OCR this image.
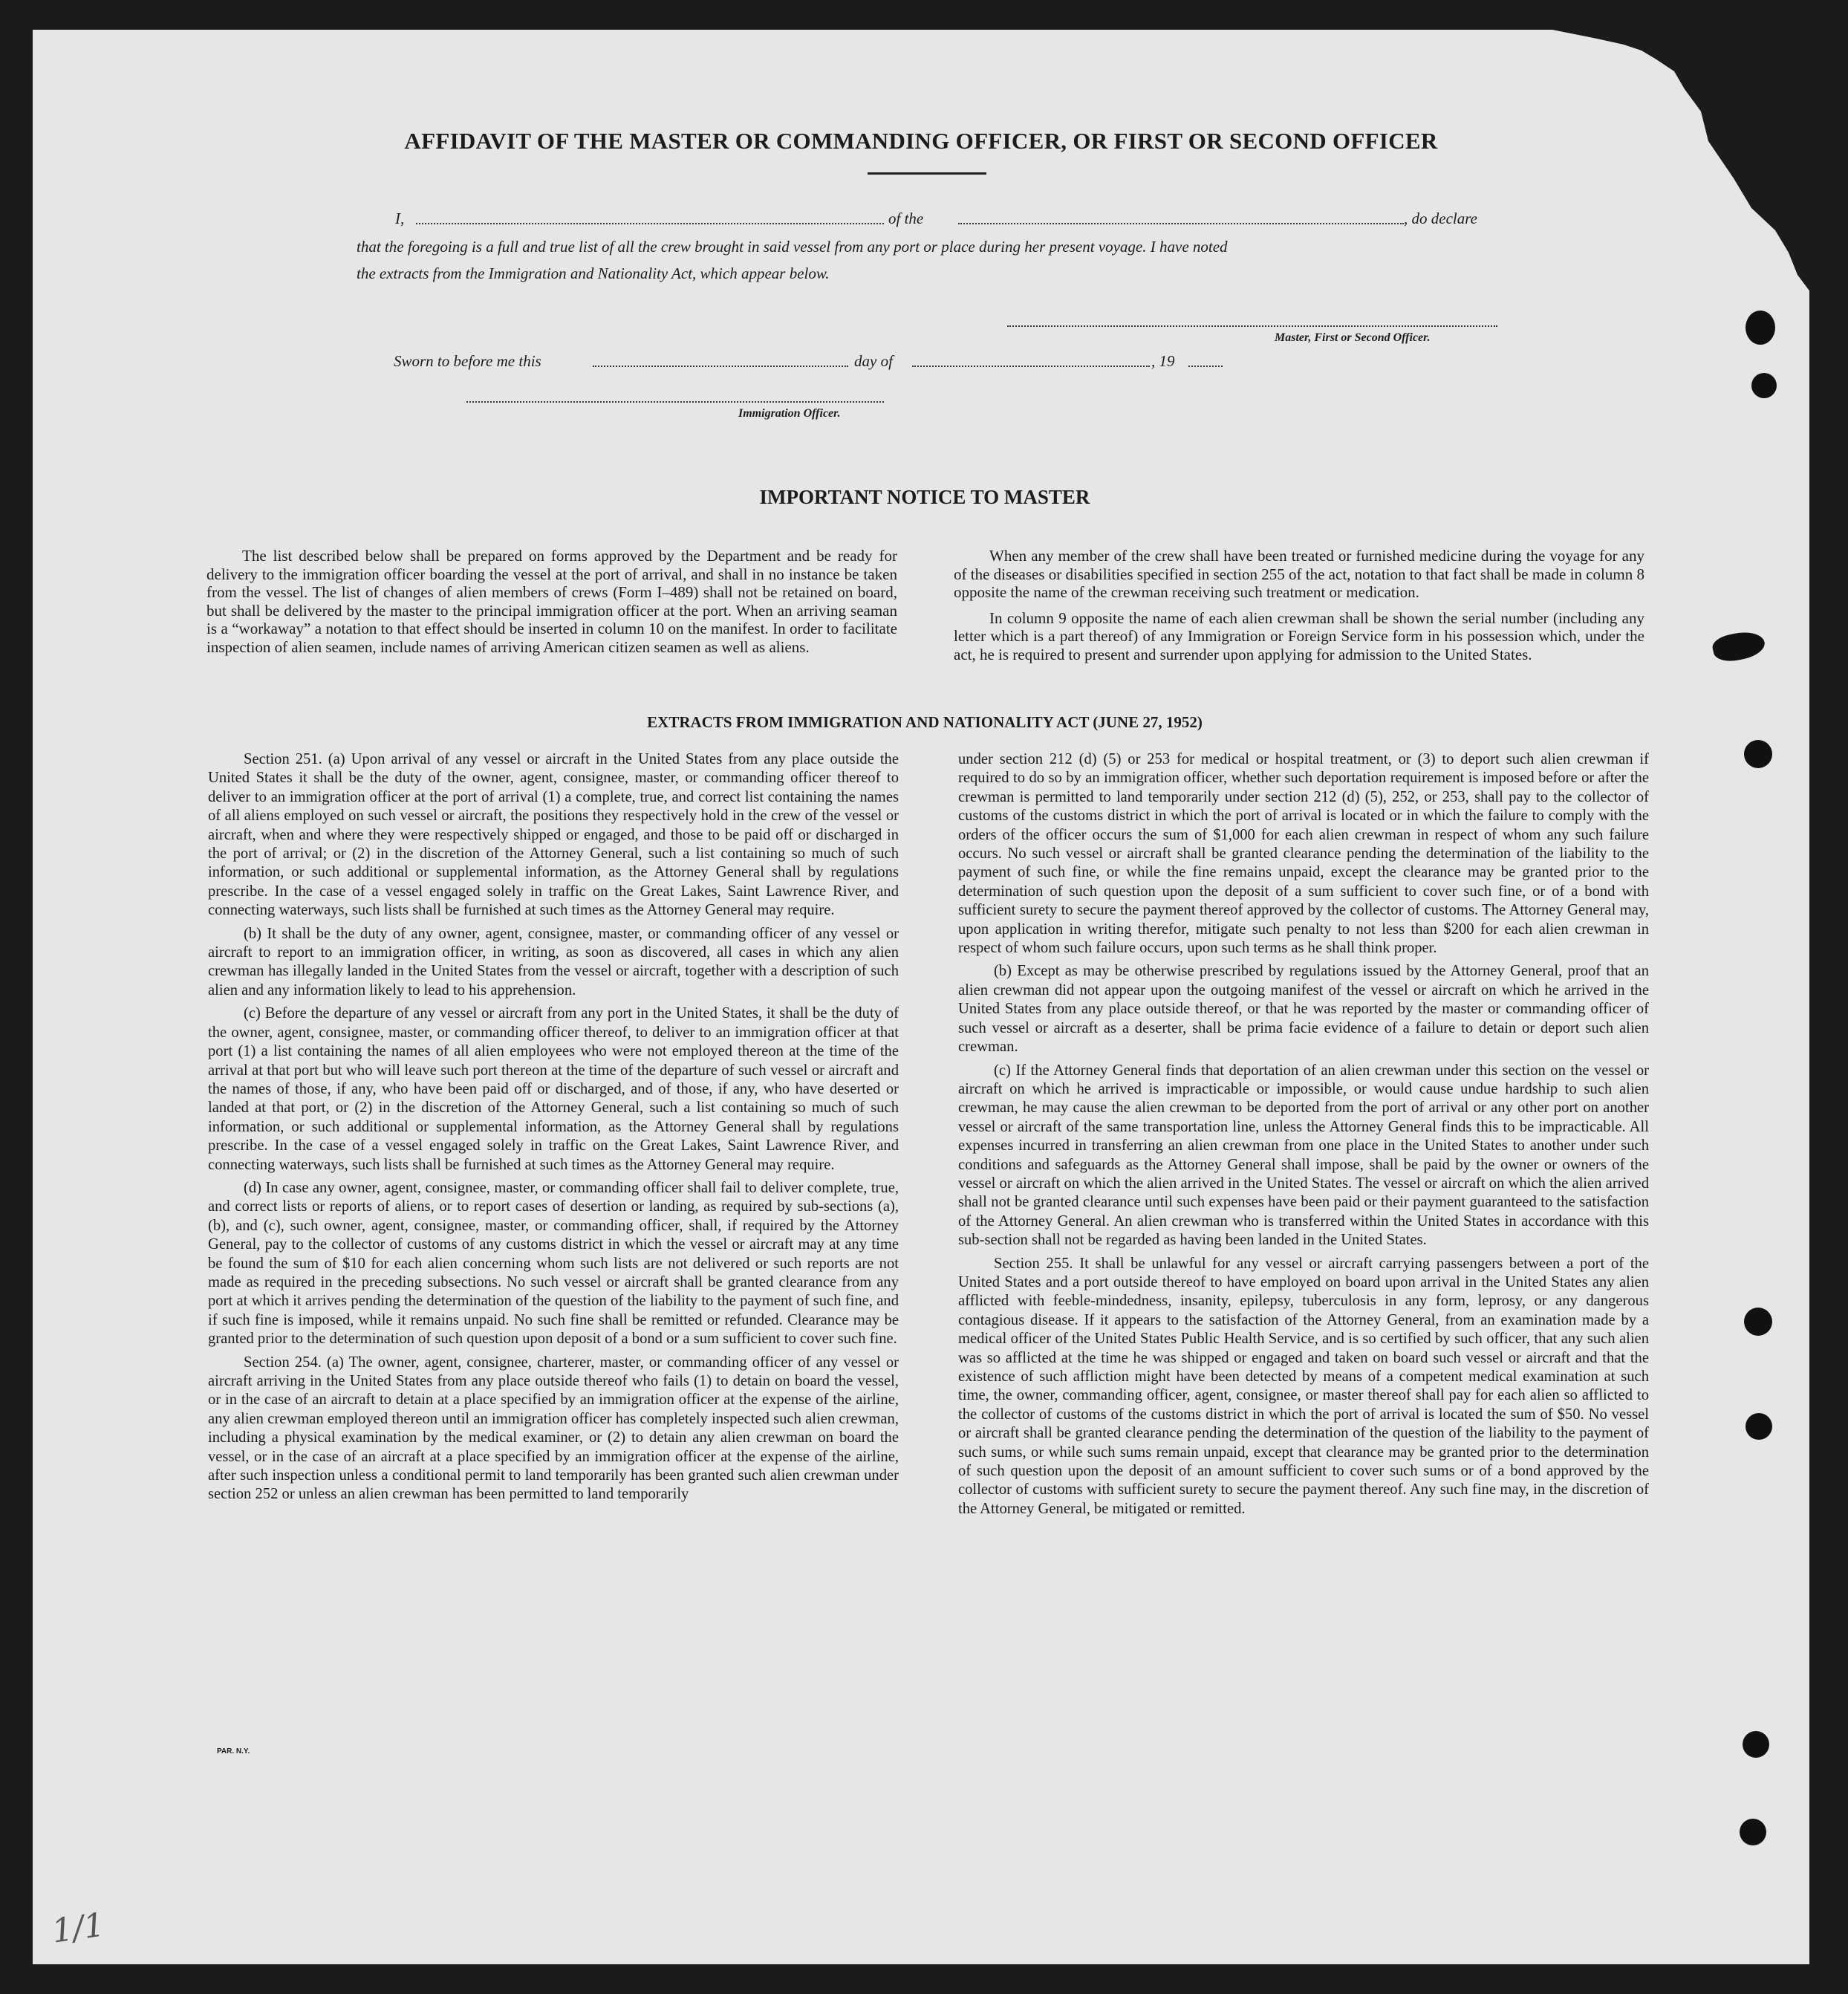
AFFIDAVIT OF THE MASTER OR COMMANDING OFFICER, OR FIRST OR SECOND OFFICER
I,	of the	, do declare
that the foregoing is a full and true list of all the crew brought in said vessel from any port or place during her present voyage. I have noted
the extracts from the Immigration and Nationality Act, which appear below.
Master, First or Second Officer.
Sworn to before me this	day of	, 19
Immigration Officer.
IMPORTANT NOTICE TO MASTER

The list described below shall be prepared on forms approved by the Department and be ready for delivery to the immigration officer boarding the vessel at the port of arrival, and shall in no instance be taken from the vessel. The list of changes of alien members of crews (Form I–489) shall not be retained on board, but shall be delivered by the master to the principal immigration officer at the port. When an arriving seaman is a “workaway” a notation to that effect should be inserted in column 10 on the manifest. In order to facilitate inspection of alien seamen, include names of arriving American citizen seamen as well as aliens.

When any member of the crew shall have been treated or furnished medicine during the voyage for any of the diseases or disabilities specified in section 255 of the act, notation to that fact shall be made in column 8 opposite the name of the crewman receiving such treatment or medication.

In column 9 opposite the name of each alien crewman shall be shown the serial number (including any letter which is a part thereof) of any Immigration or Foreign Service form in his possession which, under the act, he is required to present and surrender upon applying for admission to the United States.

EXTRACTS FROM IMMIGRATION AND NATIONALITY ACT (JUNE 27, 1952)

Section 251. (a) Upon arrival of any vessel or aircraft in the United States from any place outside the United States it shall be the duty of the owner, agent, consignee, master, or commanding officer thereof to deliver to an immigration officer at the port of arrival (1) a complete, true, and correct list containing the names of all aliens employed on such vessel or aircraft, the positions they respectively hold in the crew of the vessel or aircraft, when and where they were respectively shipped or engaged, and those to be paid off or discharged in the port of arrival; or (2) in the discretion of the Attorney General, such a list containing so much of such information, or such additional or supplemental information, as the Attorney General shall by regulations prescribe. In the case of a vessel engaged solely in traffic on the Great Lakes, Saint Lawrence River, and connecting waterways, such lists shall be furnished at such times as the Attorney General may require.

(b) It shall be the duty of any owner, agent, consignee, master, or commanding officer of any vessel or aircraft to report to an immigration officer, in writing, as soon as discovered, all cases in which any alien crewman has illegally landed in the United States from the vessel or aircraft, together with a description of such alien and any information likely to lead to his apprehension.

(c) Before the departure of any vessel or aircraft from any port in the United States, it shall be the duty of the owner, agent, consignee, master, or commanding officer thereof, to deliver to an immigration officer at that port (1) a list containing the names of all alien employees who were not employed thereon at the time of the arrival at that port but who will leave such port thereon at the time of the departure of such vessel or aircraft and the names of those, if any, who have been paid off or discharged, and of those, if any, who have deserted or landed at that port, or (2) in the discretion of the Attorney General, such a list containing so much of such information, or such additional or supplemental information, as the Attorney General shall by regulations prescribe. In the case of a vessel engaged solely in traffic on the Great Lakes, Saint Lawrence River, and connecting waterways, such lists shall be furnished at such times as the Attorney General may require.

(d) In case any owner, agent, consignee, master, or commanding officer shall fail to deliver complete, true, and correct lists or reports of aliens, or to report cases of desertion or landing, as required by sub-sections (a), (b), and (c), such owner, agent, consignee, master, or commanding officer, shall, if required by the Attorney General, pay to the collector of customs of any customs district in which the vessel or aircraft may at any time be found the sum of $10 for each alien concerning whom such lists are not delivered or such reports are not made as required in the preceding subsections. No such vessel or aircraft shall be granted clearance from any port at which it arrives pending the determination of the question of the liability to the payment of such fine, and if such fine is imposed, while it remains unpaid. No such fine shall be remitted or refunded. Clearance may be granted prior to the determination of such question upon deposit of a bond or a sum sufficient to cover such fine.

Section 254. (a) The owner, agent, consignee, charterer, master, or commanding officer of any vessel or aircraft arriving in the United States from any place outside thereof who fails (1) to detain on board the vessel, or in the case of an aircraft to detain at a place specified by an immigration officer at the expense of the airline, any alien crewman employed thereon until an immigration officer has completely inspected such alien crewman, including a physical examination by the medical examiner, or (2) to detain any alien crewman on board the vessel, or in the case of an aircraft at a place specified by an immigration officer at the expense of the airline, after such inspection unless a conditional permit to land temporarily has been granted such alien crewman under section 252 or unless an alien crewman has been permitted to land temporarily

under section 212 (d) (5) or 253 for medical or hospital treatment, or (3) to deport such alien crewman if required to do so by an immigration officer, whether such deportation requirement is imposed before or after the crewman is permitted to land temporarily under section 212 (d) (5), 252, or 253, shall pay to the collector of customs of the customs district in which the port of arrival is located or in which the failure to comply with the orders of the officer occurs the sum of $1,000 for each alien crewman in respect of whom any such failure occurs. No such vessel or aircraft shall be granted clearance pending the determination of the liability to the payment of such fine, or while the fine remains unpaid, except the clearance may be granted prior to the determination of such question upon the deposit of a sum sufficient to cover such fine, or of a bond with sufficient surety to secure the payment thereof approved by the collector of customs. The Attorney General may, upon application in writing therefor, mitigate such penalty to not less than $200 for each alien crewman in respect of whom such failure occurs, upon such terms as he shall think proper.

(b) Except as may be otherwise prescribed by regulations issued by the Attorney General, proof that an alien crewman did not appear upon the outgoing manifest of the vessel or aircraft on which he arrived in the United States from any place outside thereof, or that he was reported by the master or commanding officer of such vessel or aircraft as a deserter, shall be prima facie evidence of a failure to detain or deport such alien crewman.

(c) If the Attorney General finds that deportation of an alien crewman under this section on the vessel or aircraft on which he arrived is impracticable or impossible, or would cause undue hardship to such alien crewman, he may cause the alien crewman to be deported from the port of arrival or any other port on another vessel or aircraft of the same transportation line, unless the Attorney General finds this to be impracticable. All expenses incurred in transferring an alien crewman from one place in the United States to another under such conditions and safeguards as the Attorney General shall impose, shall be paid by the owner or owners of the vessel or aircraft on which the alien arrived in the United States. The vessel or aircraft on which the alien arrived shall not be granted clearance until such expenses have been paid or their payment guaranteed to the satisfaction of the Attorney General. An alien crewman who is transferred within the United States in accordance with this sub-section shall not be regarded as having been landed in the United States.

Section 255. It shall be unlawful for any vessel or aircraft carrying passengers between a port of the United States and a port outside thereof to have employed on board upon arrival in the United States any alien afflicted with feeble-mindedness, insanity, epilepsy, tuberculosis in any form, leprosy, or any dangerous contagious disease. If it appears to the satisfaction of the Attorney General, from an examination made by a medical officer of the United States Public Health Service, and is so certified by such officer, that any such alien was so afflicted at the time he was shipped or engaged and taken on board such vessel or aircraft and that the existence of such affliction might have been detected by means of a competent medical examination at such time, the owner, commanding officer, agent, consignee, or master thereof shall pay for each alien so afflicted to the collector of customs of the customs district in which the port of arrival is located the sum of $50. No vessel or aircraft shall be granted clearance pending the determination of the question of the liability to the payment of such sums, or while such sums remain unpaid, except that clearance may be granted prior to the determination of such question upon the deposit of an amount sufficient to cover such sums or of a bond approved by the collector of customs with sufficient surety to secure the payment thereof. Any such fine may, in the discretion of the Attorney General, be mitigated or remitted.

PAR. N.Y.
1/1
